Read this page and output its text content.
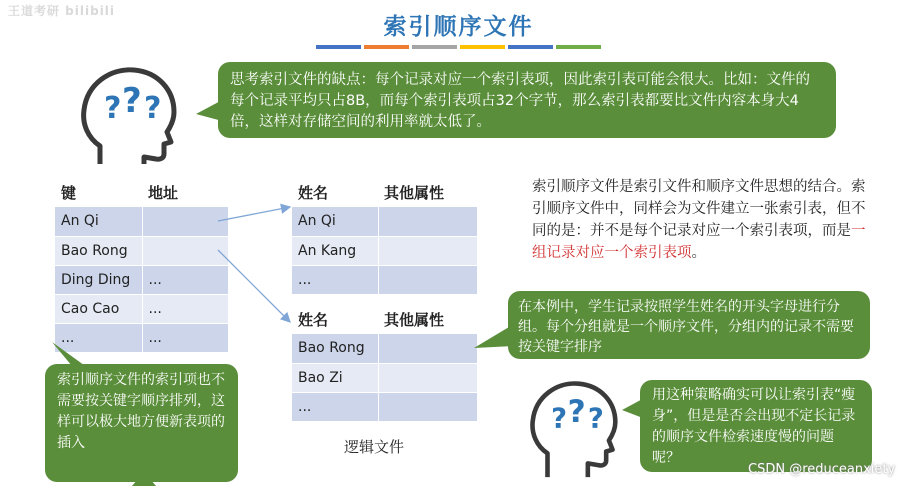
王道考研 bilibili
索引顺序文件
? ? ?
思考索引文件的缺点：每个记录对应一个索引表项，因此索引表可能会很大。比如：文件的每个记录平均只占8B，而每个索引表项占32个字节，那么索引表都要比文件内容本身大4倍，这样对存储空间的利用率就太低了。
键	地址
An Qi	
Bao Rong	
Ding Ding	...
Cao Cao	...
...	...
姓名	其他属性
An Qi	
An Kang	
...	
姓名	其他属性
Bao Rong	
Bao Zi	
...	
逻辑文件
索引顺序文件是索引文件和顺序文件思想的结合。索引顺序文件中，同样会为文件建立一张索引表，但不同的是：并不是每个记录对应一个索引表项，而是一组记录对应一个索引表项。
在本例中，学生记录按照学生姓名的开头字母进行分组。每个分组就是一个顺序文件，分组内的记录不需要按关键字排序
索引顺序文件的索引项也不需要按关键字顺序排列，这样可以极大地方便新表项的插入
? ? ?
用这种策略确实可以让索引表“瘦身”，但是是否会出现不定长记录的顺序文件检索速度慢的问题呢？
CSDN @reduceanxiety
